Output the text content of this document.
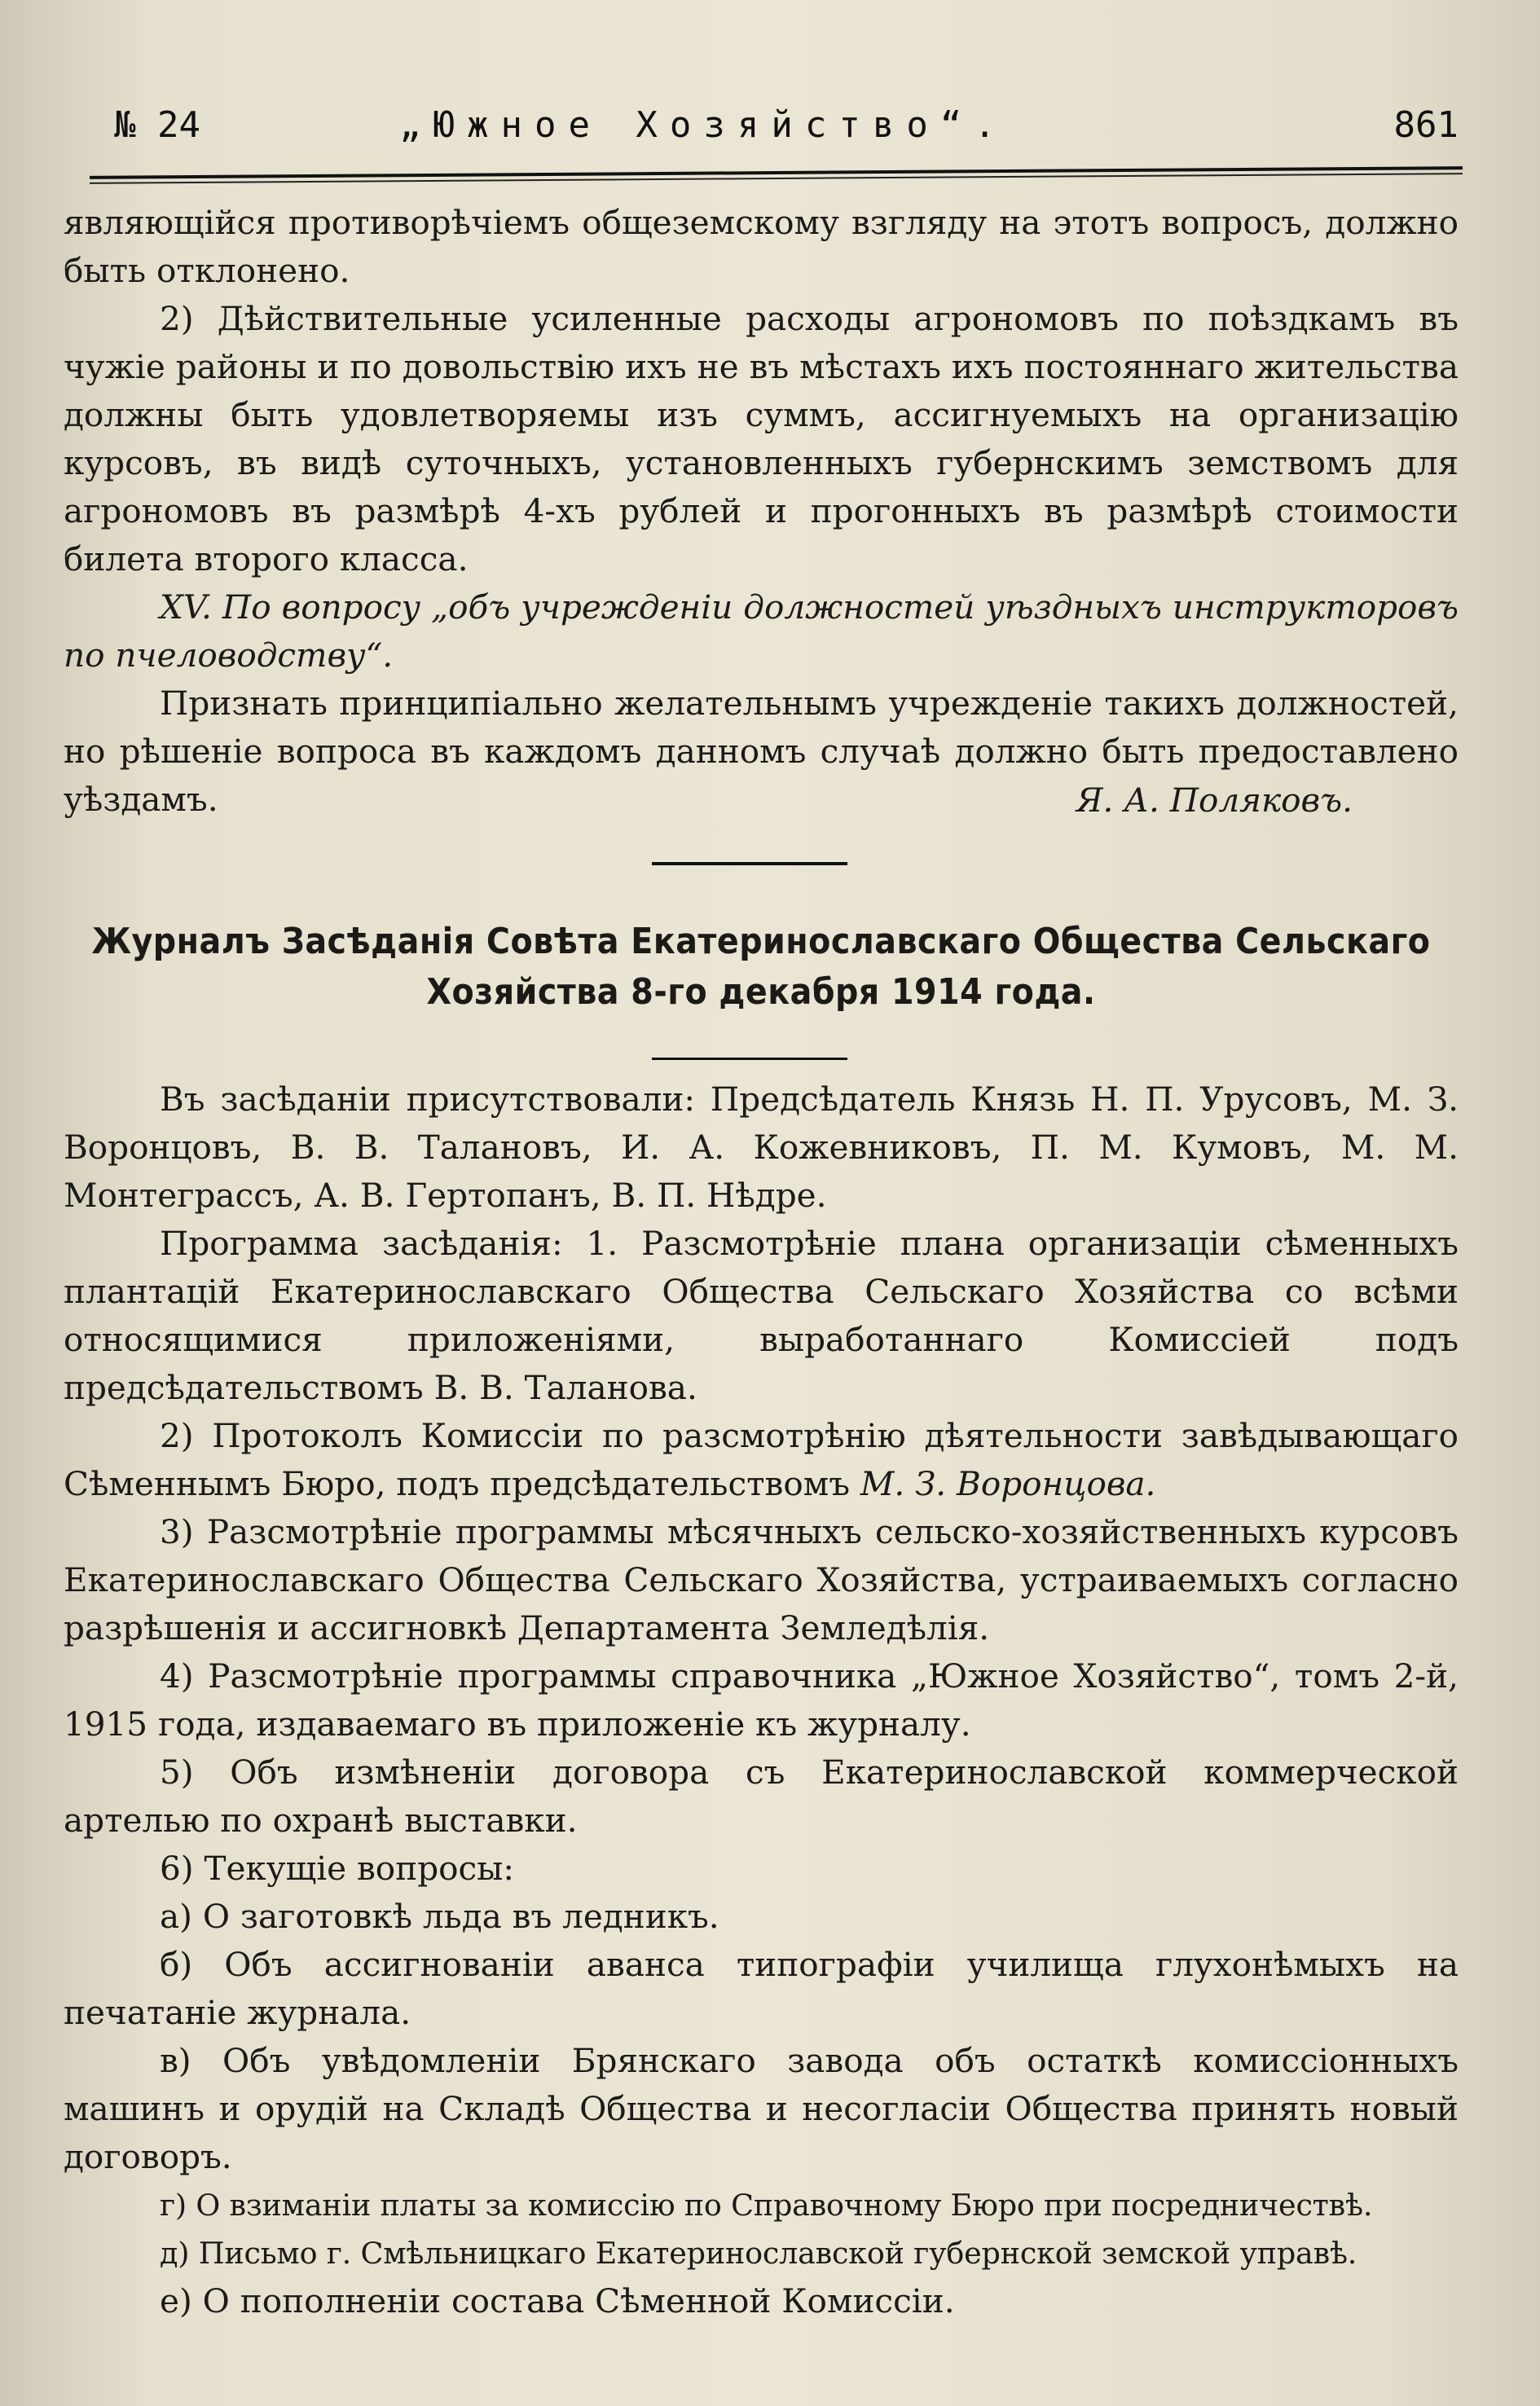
№ 24	„Южное Хозяйство“.	861

являющійся противорѣчіемъ общеземскому взгляду на этотъ вопросъ, должно быть отклонено.

2) Дѣйствительные усиленные расходы агрономовъ по поѣздкамъ въ чужіе районы и по довольствію ихъ не въ мѣстахъ ихъ постояннаго жительства должны быть удовлетворяемы изъ суммъ, ассигнуемыхъ на организацію курсовъ, въ видѣ суточныхъ, установленныхъ губернскимъ земствомъ для агрономовъ въ размѣрѣ 4-хъ рублей и прогонныхъ въ размѣрѣ стоимости билета второго класса.

XV. По вопросу „объ учрежденіи должностей уѣздныхъ инструкторовъ по пчеловодству“.

Признать принципіально желательнымъ учрежденіе такихъ должностей, но рѣшеніе вопроса въ каждомъ данномъ случаѣ должно быть предоставлено уѣздамъ.	Я. А. Поляковъ.

Журналъ Засѣданія Совѣта Екатеринославскаго Общества Сельскаго

Хозяйства 8-го декабря 1914 года.

Въ засѣданіи присутствовали: Предсѣдатель Князь Н. П. Урусовъ, М. З. Воронцовъ, В. В. Талановъ, И. А. Кожевниковъ, П. М. Кумовъ, М. М. Монтеграссъ, А. В. Гертопанъ, В. П. Нѣдре.

Программа засѣданія: 1. Разсмотрѣніе плана организаціи сѣменныхъ плантацій Екатеринославскаго Общества Сельскаго Хозяйства со всѣми относящимися приложеніями, выработаннаго Комиссіей подъ предсѣдательствомъ В. В. Таланова.

2) Протоколъ Комиссіи по разсмотрѣнію дѣятельности завѣдывающаго Сѣменнымъ Бюро, подъ предсѣдательствомъ М. З. Воронцова.

3) Разсмотрѣніе программы мѣсячныхъ сельско-хозяйственныхъ курсовъ Екатеринославскаго Общества Сельскаго Хозяйства, устраиваемыхъ согласно разрѣшенія и ассигновкѣ Департамента Земледѣлія.

4) Разсмотрѣніе программы справочника „Южное Хозяйство“, томъ 2-й, 1915 года, издаваемаго въ приложеніе къ журналу.

5) Объ измѣненіи договора съ Екатеринославской коммерческой артелью по охранѣ выставки.

6) Текущіе вопросы:

а) О заготовкѣ льда въ ледникъ.

б) Объ ассигнованіи аванса типографіи училища глухонѣмыхъ на печатаніе журнала.

в) Объ увѣдомленіи Брянскаго завода объ остаткѣ комиссіонныхъ машинъ и орудій на Складѣ Общества и несогласіи Общества принять новый договоръ.

г) О взиманіи платы за комиссію по Справочному Бюро при посредничествѣ.

д) Письмо г. Смѣльницкаго Екатеринославской губернской земской управѣ.

е) О пополненіи состава Сѣменной Комиссіи.
